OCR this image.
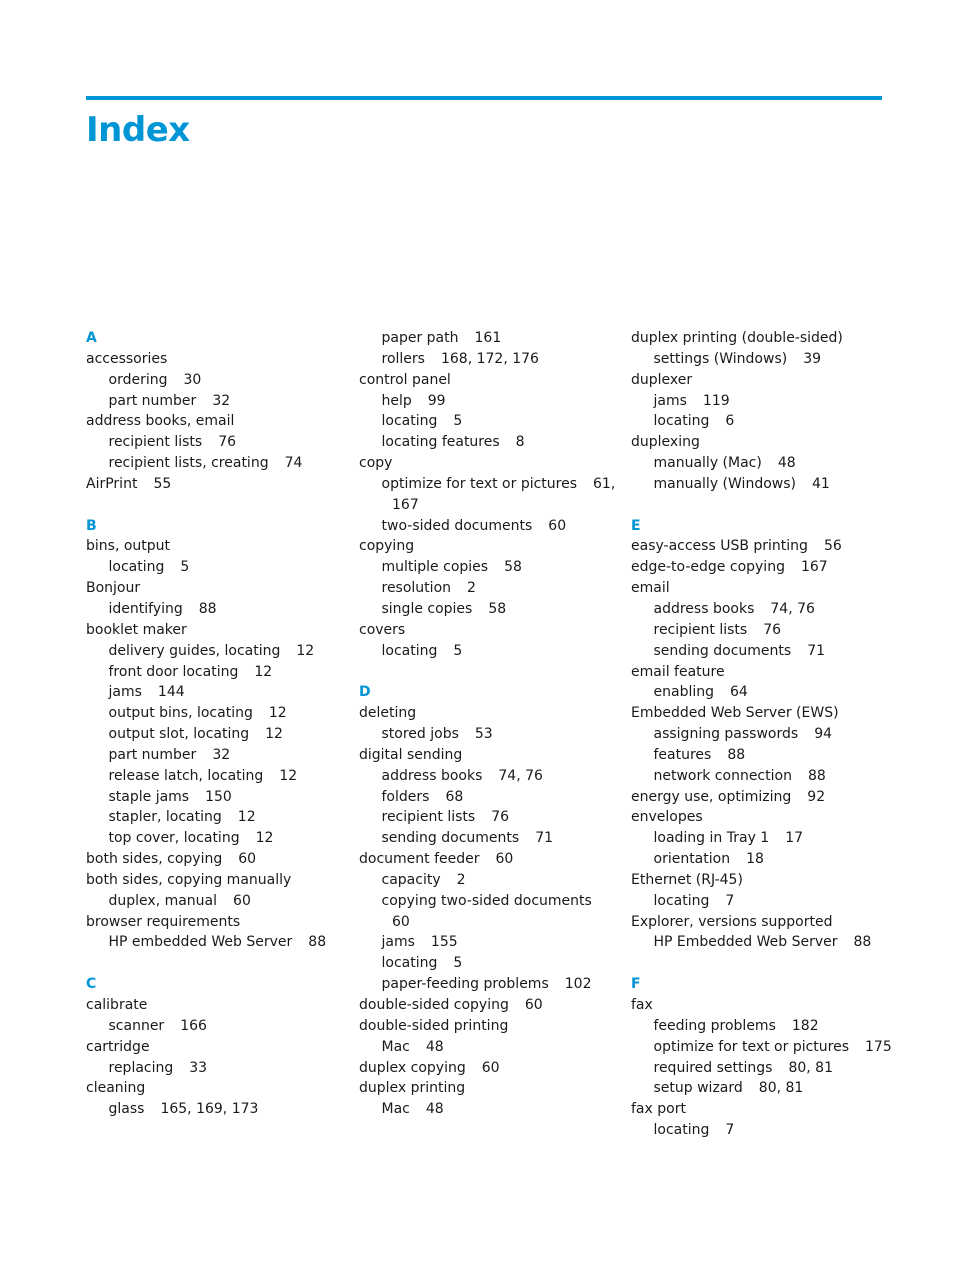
Index
A
accessories
ordering 30
part number 32
address books, email
recipient lists 76
recipient lists, creating 74
AirPrint 55
B
bins, output
locating 5
Bonjour
identifying 88
booklet maker
delivery guides, locating 12
front door locating 12
jams 144
output bins, locating 12
output slot, locating 12
part number 32
release latch, locating 12
staple jams 150
stapler, locating 12
top cover, locating 12
both sides, copying 60
both sides, copying manually
duplex, manual 60
browser requirements
HP embedded Web Server 88
C
calibrate
scanner 166
cartridge
replacing 33
cleaning
glass 165, 169, 173
paper path 161
rollers 168, 172, 176
control panel
help 99
locating 5
locating features 8
copy
optimize for text or pictures 61,
167
two-sided documents 60
copying
multiple copies 58
resolution 2
single copies 58
covers
locating 5
D
deleting
stored jobs 53
digital sending
address books 74, 76
folders 68
recipient lists 76
sending documents 71
document feeder 60
capacity 2
copying two-sided documents
60
jams 155
locating 5
paper-feeding problems 102
double-sided copying 60
double-sided printing
Mac 48
duplex copying 60
duplex printing
Mac 48
duplex printing (double-sided)
settings (Windows) 39
duplexer
jams 119
locating 6
duplexing
manually (Mac) 48
manually (Windows) 41
E
easy-access USB printing 56
edge-to-edge copying 167
email
address books 74, 76
recipient lists 76
sending documents 71
email feature
enabling 64
Embedded Web Server (EWS)
assigning passwords 94
features 88
network connection 88
energy use, optimizing 92
envelopes
loading in Tray 1 17
orientation 18
Ethernet (RJ-45)
locating 7
Explorer, versions supported
HP Embedded Web Server 88
F
fax
feeding problems 182
optimize for text or pictures 175
required settings 80, 81
setup wizard 80, 81
fax port
locating 7
